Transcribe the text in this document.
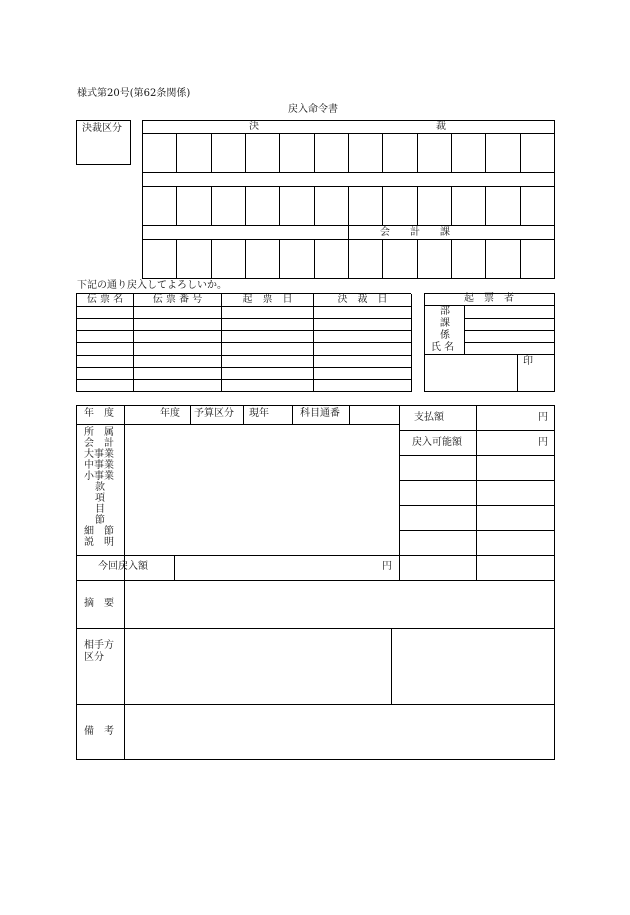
様式第20号(第62条関係)
戻入命令書
決裁区分	決	裁
会　　計　　課
下記の通り戻入してよろしいか。
伝 票 名	伝 票 番 号	起　票　日	決　裁　日	起　票　者
部
課
係
氏 名
印
年　度	年度 予算区分 現年	科目通番	支払額	円
戻入可能額	円
所　属
会　計
大事業
中事業
小事業
款
項
目
節
細　節
説　明
今回戻入額	円
摘　要
相手方
区分
備　考
